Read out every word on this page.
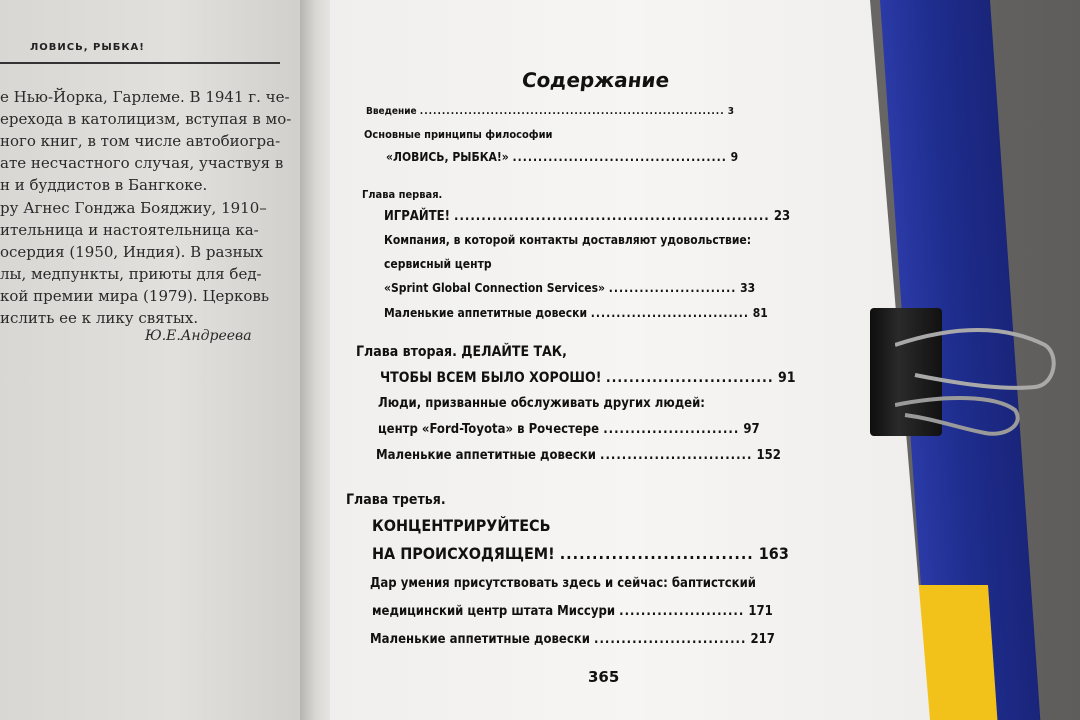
ЛОВИСЬ, РЫБКА!
е Нью-Йорка, Гарлеме. В 1941 г. че-
ерехода в католицизм, вступая в мо-
ного книг, в том числе автобиогра-
ате несчастного случая, участвуя в
н и буддистов в Бангкоке.
ру Агнес Гонджа Бояджиу, 1910–
ительница и настоятельница ка-
осердия (1950, Индия). В разных
лы, медпункты, приюты для бед-
кой премии мира (1979). Церковь
ислить ее к лику святых.
Ю.Е.Андреева
Содержание
Введение ..................................................................... 3
Основные принципы философии
«ЛОВИСЬ, РЫБКА!» .......................................... 9
Глава первая.
ИГРАЙТЕ! .......................................................... 23
Компания, в которой контакты доставляют удовольствие:
сервисный центр
«Sprint Global Connection Services» ......................... 33
Маленькие аппетитные довески ............................... 81
Глава вторая. ДЕЛАЙТЕ ТАК,
ЧТОБЫ ВСЕМ БЫЛО ХОРОШО! ............................. 91
Люди, призванные обслуживать других людей:
центр «Ford-Toyota» в Рочестере ......................... 97
Маленькие аппетитные довески ............................ 152
Глава третья.
КОНЦЕНТРИРУЙТЕСЬ
НА ПРОИСХОДЯЩЕМ! .............................. 163
Дар умения присутствовать здесь и сейчас: баптистский
медицинский центр штата Миссури ....................... 171
Маленькие аппетитные довески ............................ 217
365
